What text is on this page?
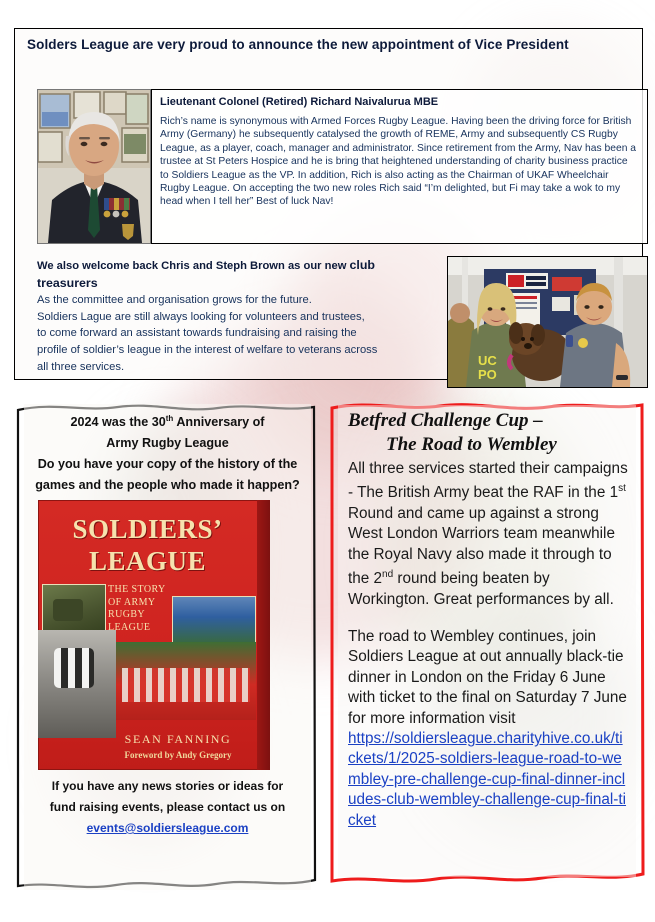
Solders League are very proud to announce the new appointment of Vice President
Lieutenant Colonel (Retired) Richard Naivalurua MBE
Rich’s name is synonymous with Armed Forces Rugby League. Having been the driving force for British Army (Germany) he subsequently catalysed the growth of REME, Army and subsequently CS Rugby League, as a player, coach, manager and administrator. Since retirement from the Army, Nav has been a trustee at St Peters Hospice and he is bring that heightened understanding of charity business practice to Soldiers League as the VP. In addition, Rich is also acting as the Chairman of UKAF Wheelchair Rugby League. On accepting the two new roles Rich said “I’m delighted, but Fi may take a wok to my head when I tell her” Best of luck Nav!
We also welcome back Chris and Steph Brown as our new club treasurers
As the committee and organisation grows for the future.
Soldiers Lague are still always looking for volunteers and trustees,
to come forward an assistant towards fundraising and raising the
profile of soldier’s league in the interest of welfare to veterans across
all three services.	UC
PO
2024 was the 30th Anniversary of
Army Rugby League
Do you have your copy of the history of the
games and the people who made it happen?
SOLDIERS’
LEAGUE
THE STORY OF ARMY RUGBY LEAGUE
SEAN FANNING
Foreword by Andy Gregory
If you have any news stories or ideas for
fund raising events, please contact us on
events@soldiersleague.com
Betfred Challenge Cup –
The Road to Wembley

All three services started their campaigns - The British Army beat the RAF in the 1st Round and came up against a strong West London Warriors team meanwhile the Royal Navy also made it through to the 2nd round being beaten by Workington. Great performances by all.

The road to Wembley continues, join Soldiers League at out annually black-tie dinner in London on the Friday 6 June with ticket to the final on Saturday 7 June for more information visit

https://soldiersleague.charityhive.co.uk/tickets/1/2025-soldiers-league-road-to-wembley-pre-challenge-cup-final-dinner-includes-club-wembley-challenge-cup-final-ticket
